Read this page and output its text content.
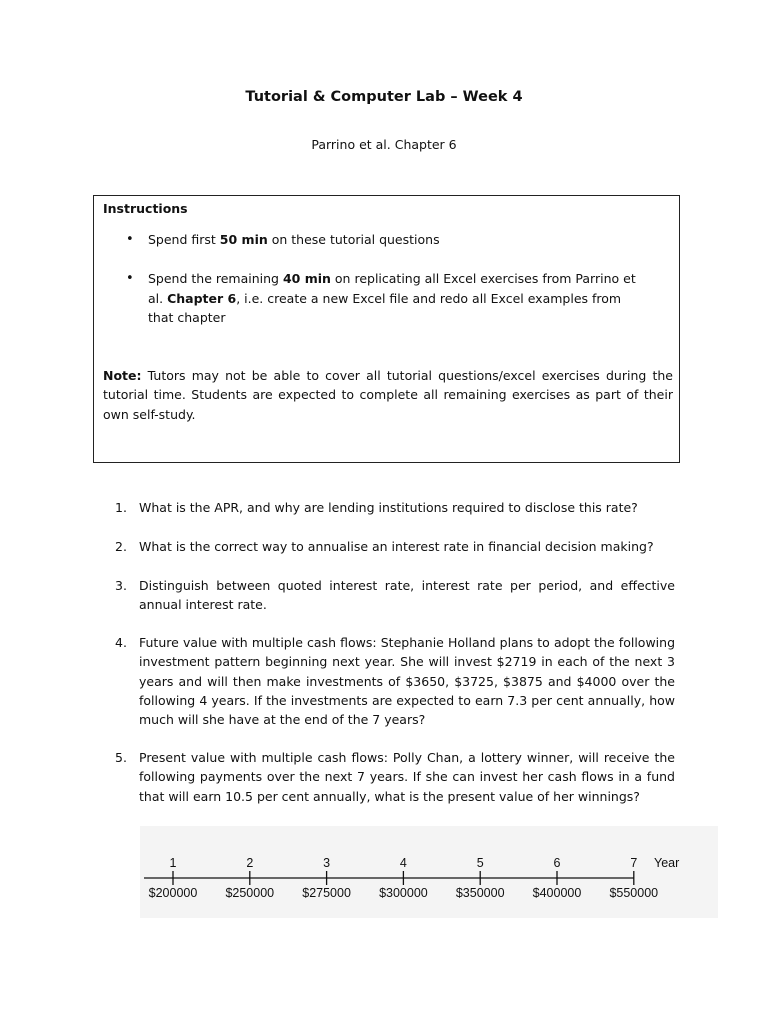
Tutorial & Computer Lab – Week 4
Parrino et al. Chapter 6
Instructions
• Spend first 50 min on these tutorial questions
• Spend the remaining 40 min on replicating all Excel exercises from Parrino et al. Chapter 6, i.e. create a new Excel file and redo all Excel examples from that chapter
Note: Tutors may not be able to cover all tutorial questions/excel exercises during the tutorial time. Students are expected to complete all remaining exercises as part of their own self-study.
1. What is the APR, and why are lending institutions required to disclose this rate?
2. What is the correct way to annualise an interest rate in financial decision making?
3. Distinguish between quoted interest rate, interest rate per period, and effective annual interest rate.
4. Future value with multiple cash flows: Stephanie Holland plans to adopt the following investment pattern beginning next year. She will invest $2719 in each of the next 3 years and will then make investments of $3650, $3725, $3875 and $4000 over the following 4 years. If the investments are expected to earn 7.3 per cent annually, how much will she have at the end of the 7 years?
5. Present value with multiple cash flows: Polly Chan, a lottery winner, will receive the following payments over the next 7 years. If she can invest her cash flows in a fund that will earn 10.5 per cent annually, what is the present value of her winnings?
Year
1
$200000
2
$250000
3
$275000
4
$300000
5
$350000
6
$400000
7
$550000
